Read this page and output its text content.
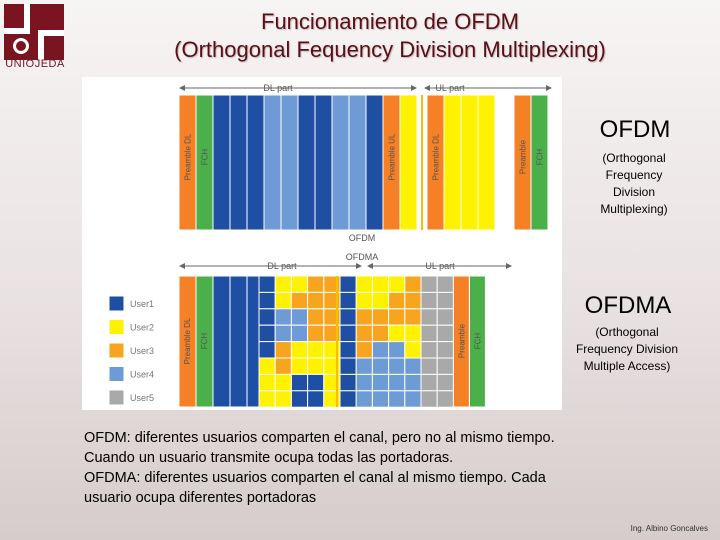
UNIOJEDA
Funcionamiento de OFDM
(Orthogonal Fequency Division Multiplexing)
DL part	UL part
Preamble DL FCH	Preamble UL	Preamble DL	Preamble FCH
OFDM
OFDMA
DL part	UL part
Preamble DL FCH	Preamble FCH
User1
User2
User3
User4
User5
OFDM
(Orthogonal Frequency Division Multiplexing)
OFDMA
(Orthogonal Frequency Division Multiple Access)
OFDM: diferentes usuarios comparten el canal, pero no al mismo tiempo.
Cuando un usuario transmite ocupa todas las portadoras.
OFDMA: diferentes usuarios comparten el canal al mismo tiempo. Cada
usuario ocupa diferentes portadoras
Ing. Albino Goncalves
